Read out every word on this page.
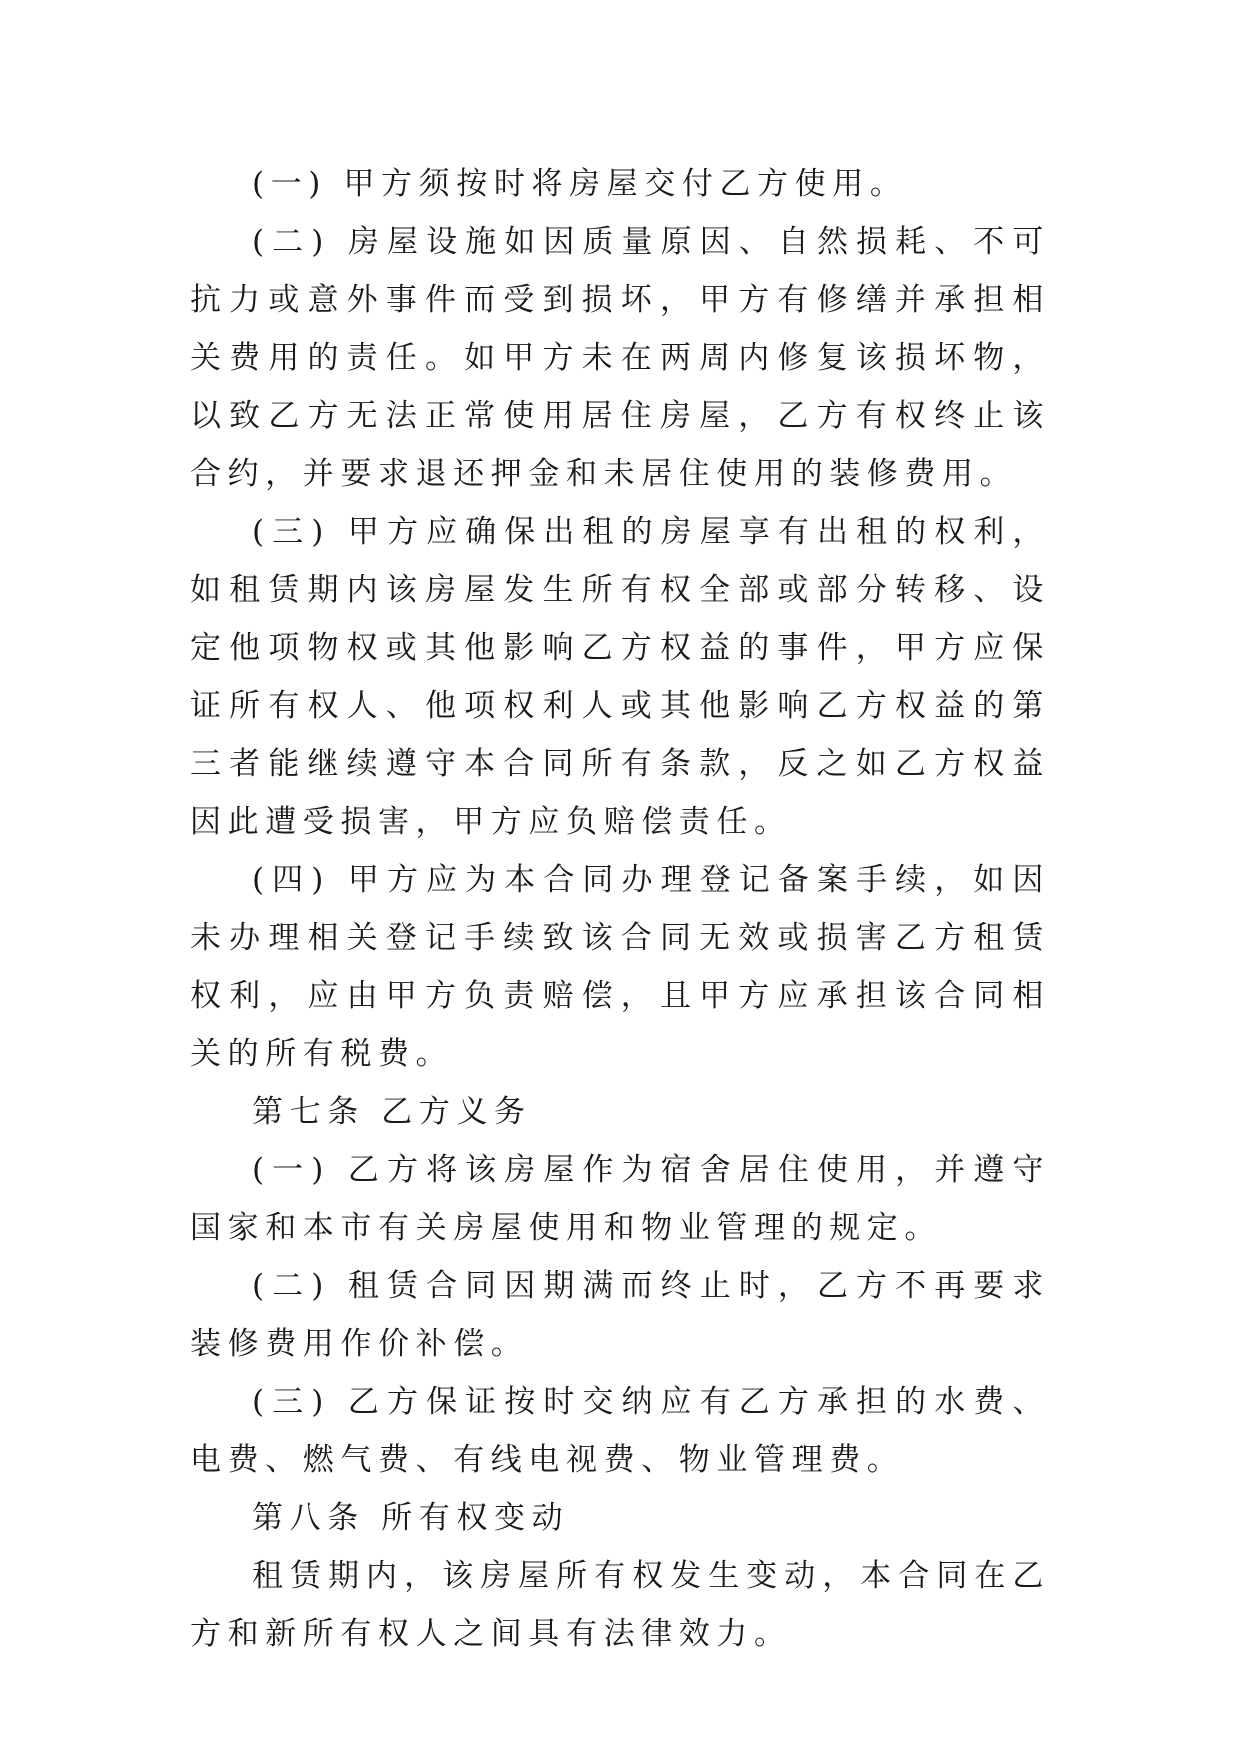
(一) 甲方须按时将房屋交付乙方使用。

(二) 房屋设施如因质量原因、自然损耗、不可抗力或意外事件而受到损坏，甲方有修缮并承担相关费用的责任。如甲方未在两周内修复该损坏物，以致乙方无法正常使用居住房屋，乙方有权终止该合约，并要求退还押金和未居住使用的装修费用。

(三) 甲方应确保出租的房屋享有出租的权利，如租赁期内该房屋发生所有权全部或部分转移、设定他项物权或其他影响乙方权益的事件，甲方应保证所有权人、他项权利人或其他影响乙方权益的第三者能继续遵守本合同所有条款，反之如乙方权益因此遭受损害，甲方应负赔偿责任。

(四) 甲方应为本合同办理登记备案手续，如因未办理相关登记手续致该合同无效或损害乙方租赁权利，应由甲方负责赔偿，且甲方应承担该合同相关的所有税费。

第七条 乙方义务

(一) 乙方将该房屋作为宿舍居住使用，并遵守国家和本市有关房屋使用和物业管理的规定。

(二) 租赁合同因期满而终止时，乙方不再要求装修费用作价补偿。

(三) 乙方保证按时交纳应有乙方承担的水费、电费、燃气费、有线电视费、物业管理费。

第八条 所有权变动

租赁期内，该房屋所有权发生变动，本合同在乙方和新所有权人之间具有法律效力。
